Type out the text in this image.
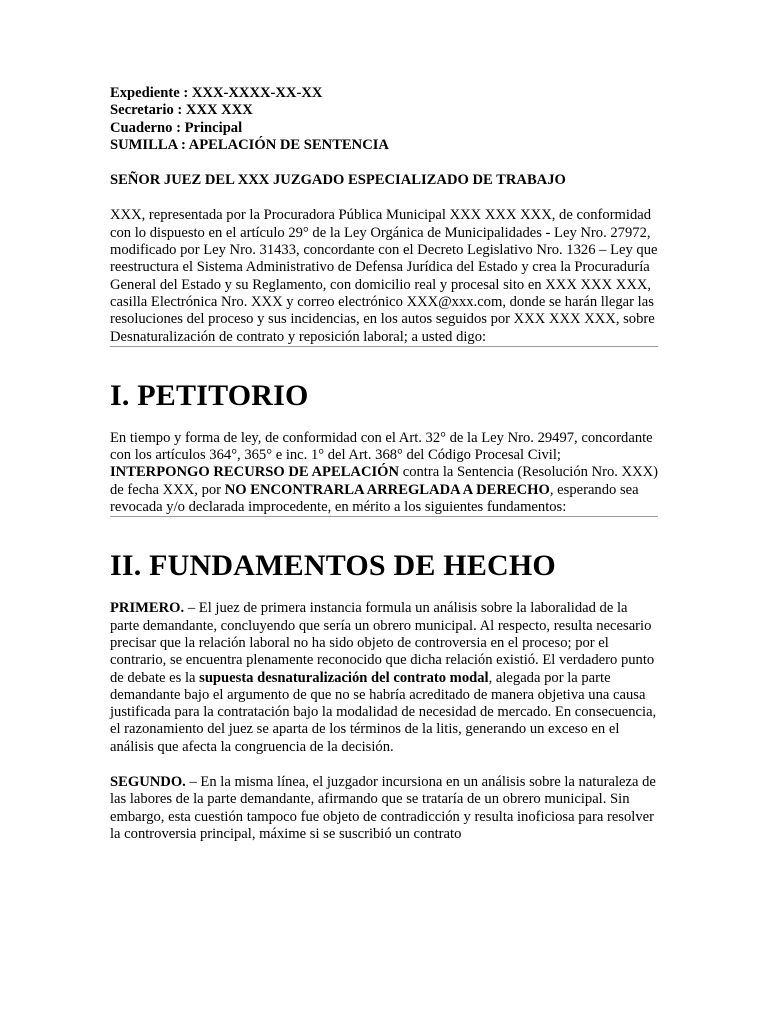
Expediente : XXX-XXXX-XX-XX

Secretario : XXX XXX

Cuaderno : Principal

SUMILLA : APELACIÓN DE SENTENCIA

SEÑOR JUEZ DEL XXX JUZGADO ESPECIALIZADO DE TRABAJO

XXX, representada por la Procuradora Pública Municipal XXX XXX XXX, de conformidad con lo dispuesto en el artículo 29° de la Ley Orgánica de Municipalidades - Ley Nro. 27972, modificado por Ley Nro. 31433, concordante con el Decreto Legislativo Nro. 1326 – Ley que reestructura el Sistema Administrativo de Defensa Jurídica del Estado y crea la Procuraduría General del Estado y su Reglamento, con domicilio real y procesal sito en XXX XXX XXX, casilla Electrónica Nro. XXX y correo electrónico XXX@xxx.com, donde se harán llegar las resoluciones del proceso y sus incidencias, en los autos seguidos por XXX XXX XXX, sobre Desnaturalización de contrato y reposición laboral; a usted digo:

I. PETITORIO

En tiempo y forma de ley, de conformidad con el Art. 32° de la Ley Nro. 29497, concordante con los artículos 364°, 365° e inc. 1° del Art. 368° del Código Procesal Civil; INTERPONGO RECURSO DE APELACIÓN contra la Sentencia (Resolución Nro. XXX) de fecha XXX, por NO ENCONTRARLA ARREGLADA A DERECHO, esperando sea revocada y/o declarada improcedente, en mérito a los siguientes fundamentos:

II. FUNDAMENTOS DE HECHO

PRIMERO. – El juez de primera instancia formula un análisis sobre la laboralidad de la parte demandante, concluyendo que sería un obrero municipal. Al respecto, resulta necesario precisar que la relación laboral no ha sido objeto de controversia en el proceso; por el contrario, se encuentra plenamente reconocido que dicha relación existió. El verdadero punto de debate es la supuesta desnaturalización del contrato modal, alegada por la parte demandante bajo el argumento de que no se habría acreditado de manera objetiva una causa justificada para la contratación bajo la modalidad de necesidad de mercado. En consecuencia, el razonamiento del juez se aparta de los términos de la litis, generando un exceso en el análisis que afecta la congruencia de la decisión.

SEGUNDO. – En la misma línea, el juzgador incursiona en un análisis sobre la naturaleza de las labores de la parte demandante, afirmando que se trataría de un obrero municipal. Sin embargo, esta cuestión tampoco fue objeto de contradicción y resulta inoficiosa para resolver la controversia principal, máxime si se suscribió un contrato
